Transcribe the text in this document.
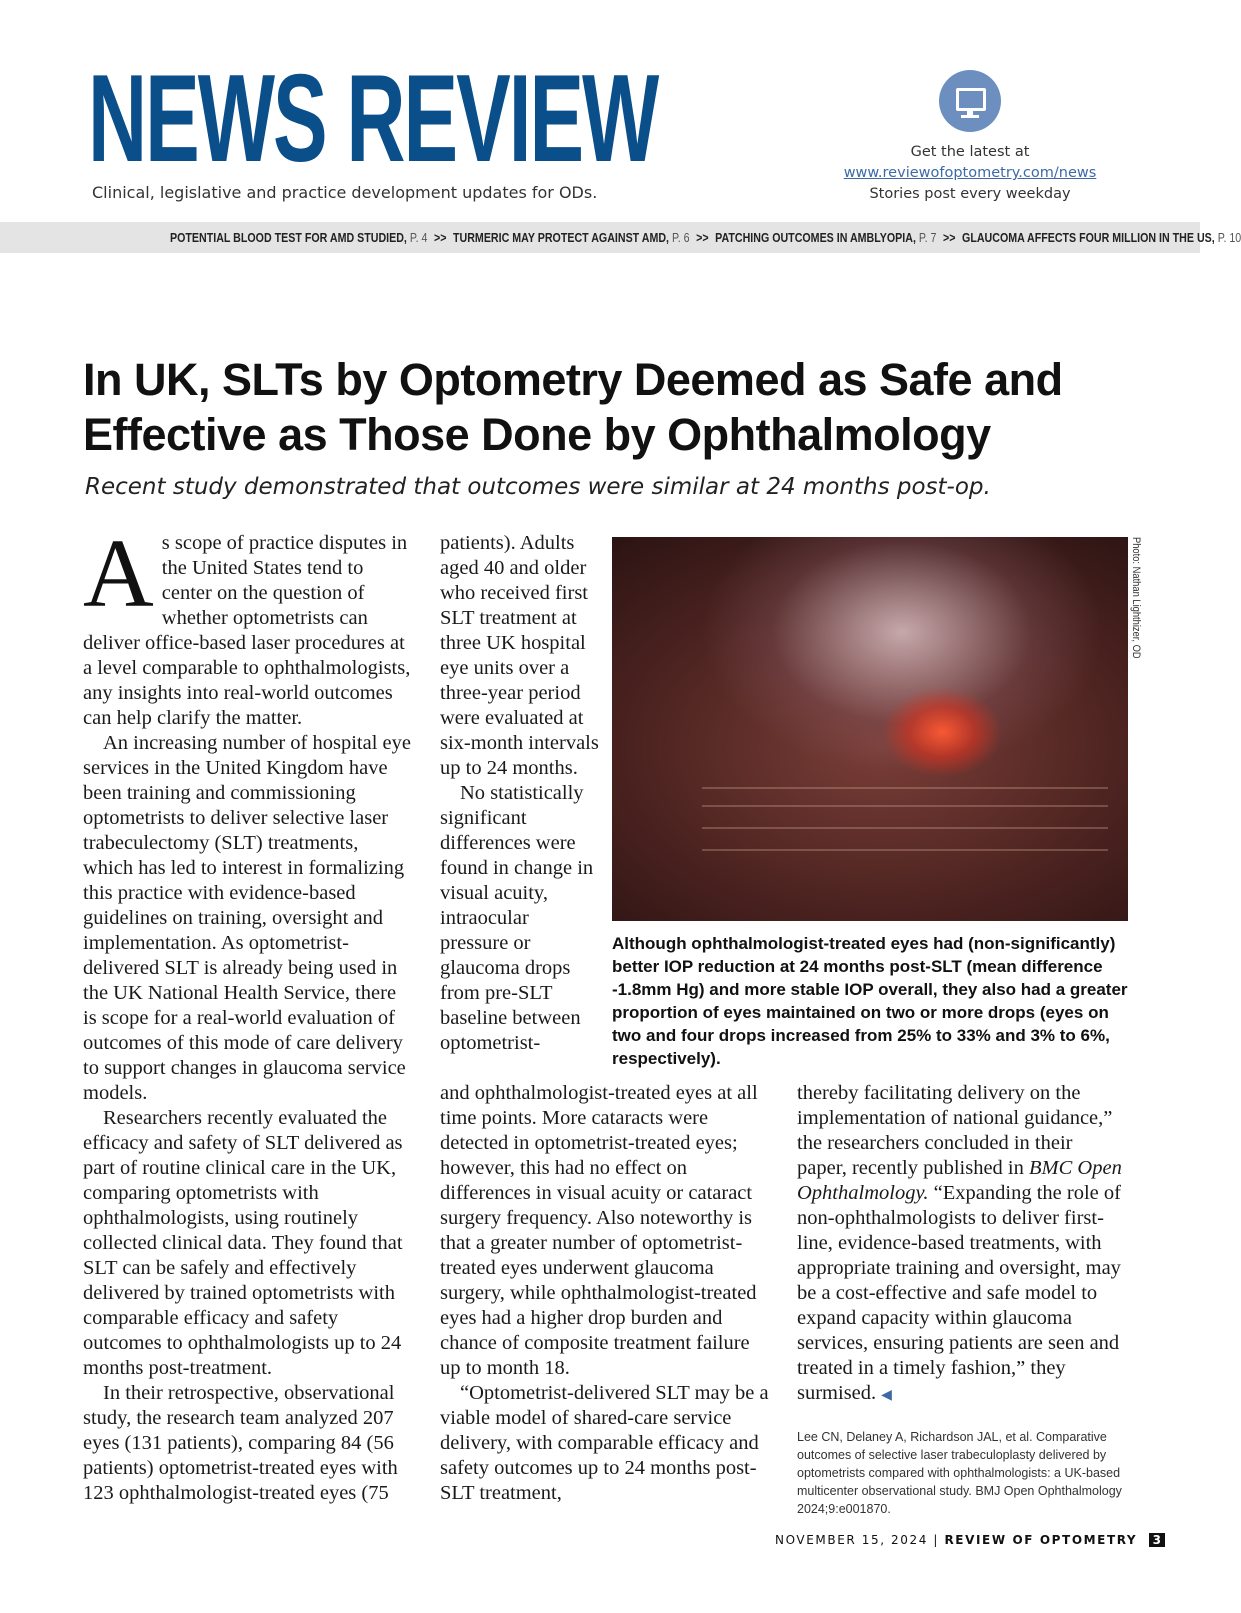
NEWS REVIEW
Clinical, legislative and practice development updates for ODs.
Get the latest at
www.reviewofoptometry.com/news
Stories post every weekday
POTENTIAL BLOOD TEST FOR AMD STUDIED, P. 4 >> TURMERIC MAY PROTECT AGAINST AMD, P. 6 >> PATCHING OUTCOMES IN AMBLYOPIA, P. 7 >> GLAUCOMA AFFECTS FOUR MILLION IN THE US, P. 10
In UK, SLTs by Optometry Deemed as Safe and Effective as Those Done by Ophthalmology
Recent study demonstrated that outcomes were similar at 24 months post-op.

As scope of practice disputes in the United States tend to center on the question of whether optometrists can deliver office-based laser procedures at a level comparable to ophthalmologists, any insights into real-world outcomes can help clarify the matter.

An increasing number of hospital eye services in the United Kingdom have been training and commissioning optometrists to deliver selective laser trabeculectomy (SLT) treatments, which has led to interest in formalizing this practice with evidence-based guidelines on training, oversight and implementation. As optometrist-delivered SLT is already being used in the UK National Health Service, there is scope for a real-world evaluation of outcomes of this mode of care delivery to support changes in glaucoma service models.

Researchers recently evaluated the efficacy and safety of SLT delivered as part of routine clinical care in the UK, comparing optometrists with ophthalmologists, using routinely collected clinical data. They found that SLT can be safely and effectively delivered by trained optometrists with comparable efficacy and safety outcomes to ophthalmologists up to 24 months post-treatment.

In their retrospective, observational study, the research team analyzed 207 eyes (131 patients), comparing 84 (56 patients) optometrist-treated eyes with 123 ophthalmologist-treated eyes (75

patients). Adults aged 40 and older who received first SLT treatment at three UK hospital eye units over a three-year period were evaluated at six-month intervals up to 24 months.

No statistically significant differences were found in change in visual acuity, intraocular pressure or glaucoma drops from pre-SLT baseline between optometrist-

and ophthalmologist-treated eyes at all time points. More cataracts were detected in optometrist-treated eyes; however, this had no effect on differences in visual acuity or cataract surgery frequency. Also noteworthy is that a greater number of optometrist-treated eyes underwent glaucoma surgery, while ophthalmologist-treated eyes had a higher drop burden and chance of composite treatment failure up to month 18.

“Optometrist-delivered SLT may be a viable model of shared-care service delivery, with comparable efficacy and safety outcomes up to 24 months post-SLT treatment,

thereby facilitating delivery on the implementation of national guidance,” the researchers concluded in their paper, recently published in BMC Open Ophthalmology. “Expanding the role of non-ophthalmologists to deliver first-line, evidence-based treatments, with appropriate training and oversight, may be a cost-effective and safe model to expand capacity within glaucoma services, ensuring patients are seen and treated in a timely fashion,” they surmised. ◀

Photo: Nathan Lighthizer, OD
Although ophthalmologist-treated eyes had (non-significantly) better IOP reduction at 24 months post-SLT (mean difference -1.8mm Hg) and more stable IOP overall, they also had a greater proportion of eyes maintained on two or more drops (eyes on two and four drops increased from 25% to 33% and 3% to 6%, respectively).
Lee CN, Delaney A, Richardson JAL, et al. Comparative outcomes of selective laser trabeculoplasty delivered by optometrists compared with ophthalmologists: a UK-based multicenter observational study. BMJ Open Ophthalmology 2024;9:e001870.
NOVEMBER 15, 2024 | REVIEW OF OPTOMETRY 3
